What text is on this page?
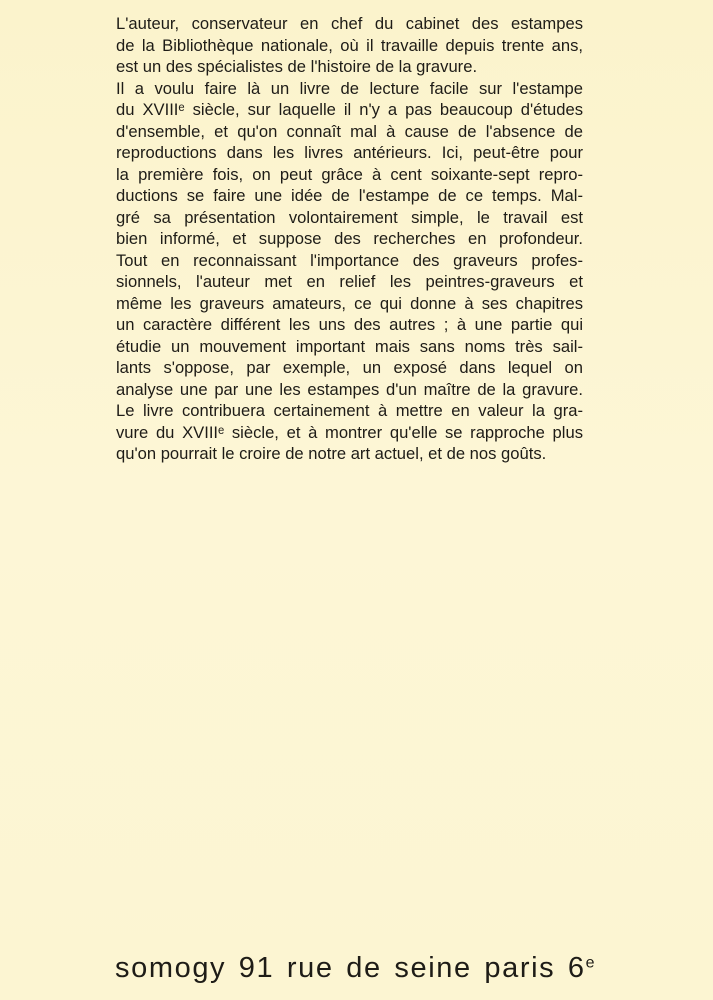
L'auteur, conservateur en chef du cabinet des estampes
de la Bibliothèque nationale, où il travaille depuis trente ans,
est un des spécialistes de l'histoire de la gravure.
Il a voulu faire là un livre de lecture facile sur l'estampe
du XVIIIᵉ siècle, sur laquelle il n'y a pas beaucoup d'études
d'ensemble, et qu'on connaît mal à cause de l'absence de
reproductions dans les livres antérieurs. Ici, peut-être pour
la première fois, on peut grâce à cent soixante-sept repro-
ductions se faire une idée de l'estampe de ce temps. Mal-
gré sa présentation volontairement simple, le travail est
bien informé, et suppose des recherches en profondeur.
Tout en reconnaissant l'importance des graveurs profes-
sionnels, l'auteur met en relief les peintres-graveurs et
même les graveurs amateurs, ce qui donne à ses chapitres
un caractère différent les uns des autres ; à une partie qui
étudie un mouvement important mais sans noms très sail-
lants s'oppose, par exemple, un exposé dans lequel on
analyse une par une les estampes d'un maître de la gravure.
Le livre contribuera certainement à mettre en valeur la gra-
vure du XVIIIᵉ siècle, et à montrer qu'elle se rapproche plus
qu'on pourrait le croire de notre art actuel, et de nos goûts.
somogy 91 rue de seine paris 6e
